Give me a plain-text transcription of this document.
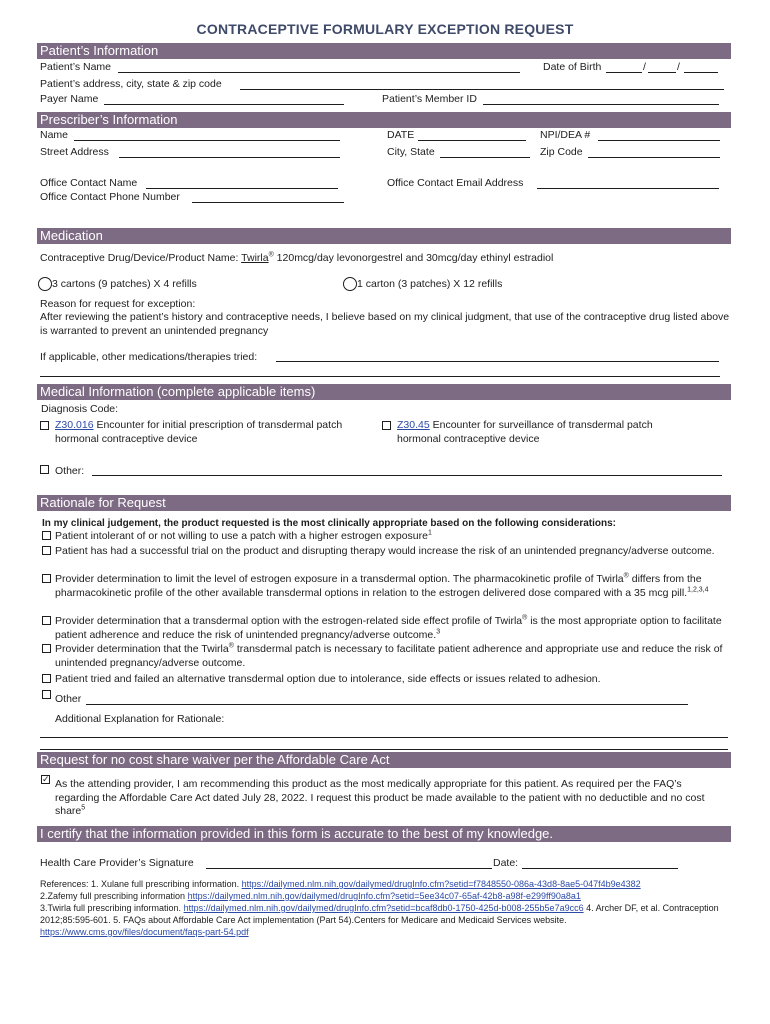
CONTRACEPTIVE FORMULARY EXCEPTION REQUEST
Patient’s Information
Patient’s Name	Date of Birth	/	/
Patient’s address, city, state & zip code
Payer Name	Patient’s Member ID
Prescriber’s Information
Name	DATE	NPI/DEA #
Street Address	City, State	Zip Code
Office Contact Name	Office Contact Email Address
Office Contact Phone Number
Medication
Contraceptive Drug/Device/Product Name: Twirla® 120mcg/day levonorgestrel and 30mcg/day ethinyl estradiol
3 cartons (9 patches) X 4 refills	1 carton (3 patches) X 12 refills
Reason for request for exception:
After reviewing the patient’s history and contraceptive needs, I believe based on my clinical judgment, that use of the contraceptive drug listed above is warranted to prevent an unintended pregnancy
If applicable, other medications/therapies tried:
Medical Information (complete applicable items)
Diagnosis Code:
Z30.016 Encounter for initial prescription of transdermal patch hormonal contraceptive device
Z30.45 Encounter for surveillance of transdermal patch hormonal contraceptive device
Other:
Rationale for Request
In my clinical judgement, the product requested is the most clinically appropriate based on the following considerations:
Patient intolerant of or not willing to use a patch with a higher estrogen exposure$^1$
Patient has had a successful trial on the product and disrupting therapy would increase the risk of an unintended pregnancy/adverse outcome.
Provider determination to limit the level of estrogen exposure in a transdermal option. The pharmacokinetic profile of Twirla® differs from the pharmacokinetic profile of the other available transdermal options in relation to the estrogen delivered dose compared with a 35 mcg pill.$^{1,2,3,4}$
Provider determination that a transdermal option with the estrogen-related side effect profile of Twirla® is the most appropriate option to facilitate patient adherence and reduce the risk of unintended pregnancy/adverse outcome.$^3$
Provider determination that the Twirla® transdermal patch is necessary to facilitate patient adherence and appropriate use and reduce the risk of unintended pregnancy/adverse outcome.
Patient tried and failed an alternative transdermal option due to intolerance, side effects or issues related to adhesion.
Other
Additional Explanation for Rationale:
Request for no cost share waiver per the Affordable Care Act
✓ As the attending provider, I am recommending this product as the most medically appropriate for this patient. As required per the FAQ’s regarding the Affordable Care Act dated July 28, 2022. I request this product be made available to the patient with no deductible and no cost share$^5$
I certify that the information provided in this form is accurate to the best of my knowledge.
Health Care Provider’s Signature	Date:
References: 1. Xulane full prescribing information. https://dailymed.nlm.nih.gov/dailymed/drugInfo.cfm?setid=f7848550-086a-43d8-8ae5-047f4b9e4382
2.Zafemy full prescribing information https://dailymed.nlm.nih.gov/dailymed/drugInfo.cfm?setid=5ee34c07-65af-42b8-a98f-e299ff90a8a1
3.Twirla full prescribing information. https://dailymed.nlm.nih.gov/dailymed/drugInfo.cfm?setid=bcaf8db0-1750-425d-b008-255b5e7a9cc6 4. Archer DF, et al. Contraception 2012;85:595-601. 5. FAQs about Affordable Care Act implementation (Part 54).Centers for Medicare and Medicaid Services website. https://www.cms.gov/files/document/faqs-part-54.pdf
